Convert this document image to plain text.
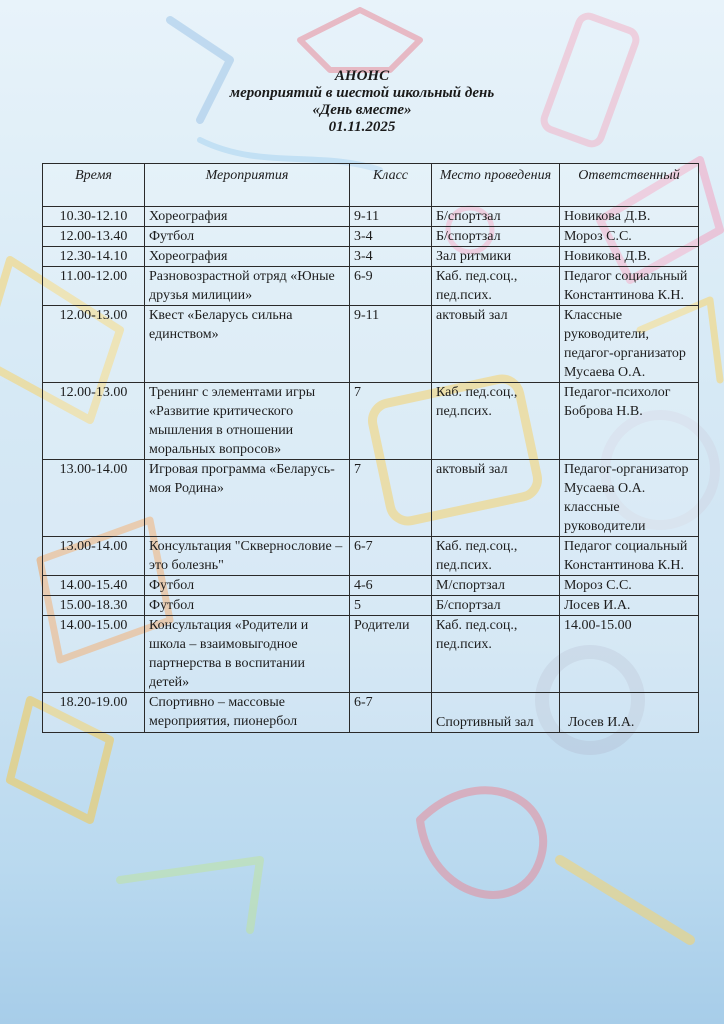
АНОНС
мероприятий в шестой школьный день
«День вместе»
01.11.2025
Время	Мероприятия	Класс	Место проведения	Ответственный
10.30-12.10	Хореография	9-11	Б/спортзал	Новикова Д.В.
12.00-13.40	Футбол	3-4	Б/спортзал	Мороз С.С.
12.30-14.10	Хореография	3-4	Зал ритмики	Новикова Д.В.
11.00-12.00	Разновозрастной отряд «Юные друзья милиции»	6-9	Каб. пед.соц., пед.псих.	Педагог социальный Константинова К.Н.
12.00-13.00	Квест «Беларусь сильна единством»	9-11	актовый зал	Классные руководители, педагог-организатор Мусаева О.А.
12.00-13.00	Тренинг с элементами игры «Развитие критического мышления в отношении моральных вопросов»	7	Каб. пед.соц., пед.псих.	Педагог-психолог Боброва Н.В.
13.00-14.00	Игровая программа «Беларусь- моя Родина»	7	актовый зал	Педагог-организатор Мусаева О.А. классные руководители
13.00-14.00	Консультация "Сквернословие – это болезнь"	6-7	Каб. пед.соц., пед.псих.	Педагог социальный Константинова К.Н.
14.00-15.40	Футбол	4-6	М/спортзал	Мороз С.С.
15.00-18.30	Футбол	5	Б/спортзал	Лосев И.А.
14.00-15.00	Консультация «Родители и школа – взаимовыгодное партнерства в воспитании детей»	Родители	Каб. пед.соц., пед.псих.	14.00-15.00
18.20-19.00	Спортивно – массовые мероприятия, пионербол	6-7	Спортивный зал	Лосев И.А.
